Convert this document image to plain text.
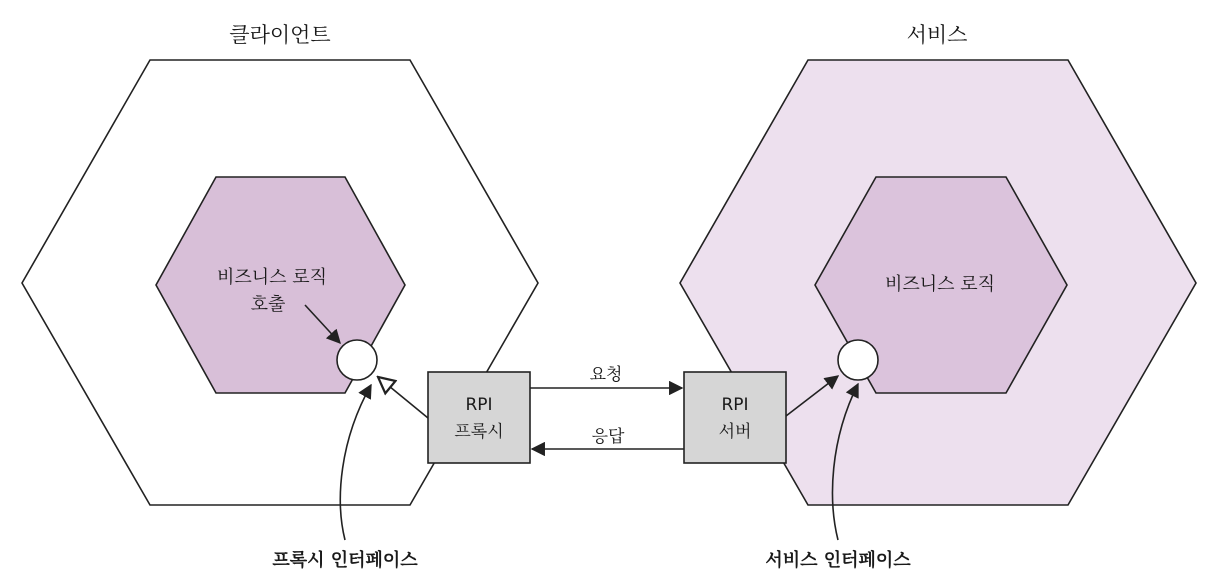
클라이언트	서비스
비즈니스 로직
호출
비즈니스 로직
RPI
프록시
RPI
서버
요청
응답
프록시 인터페이스	서비스 인터페이스
